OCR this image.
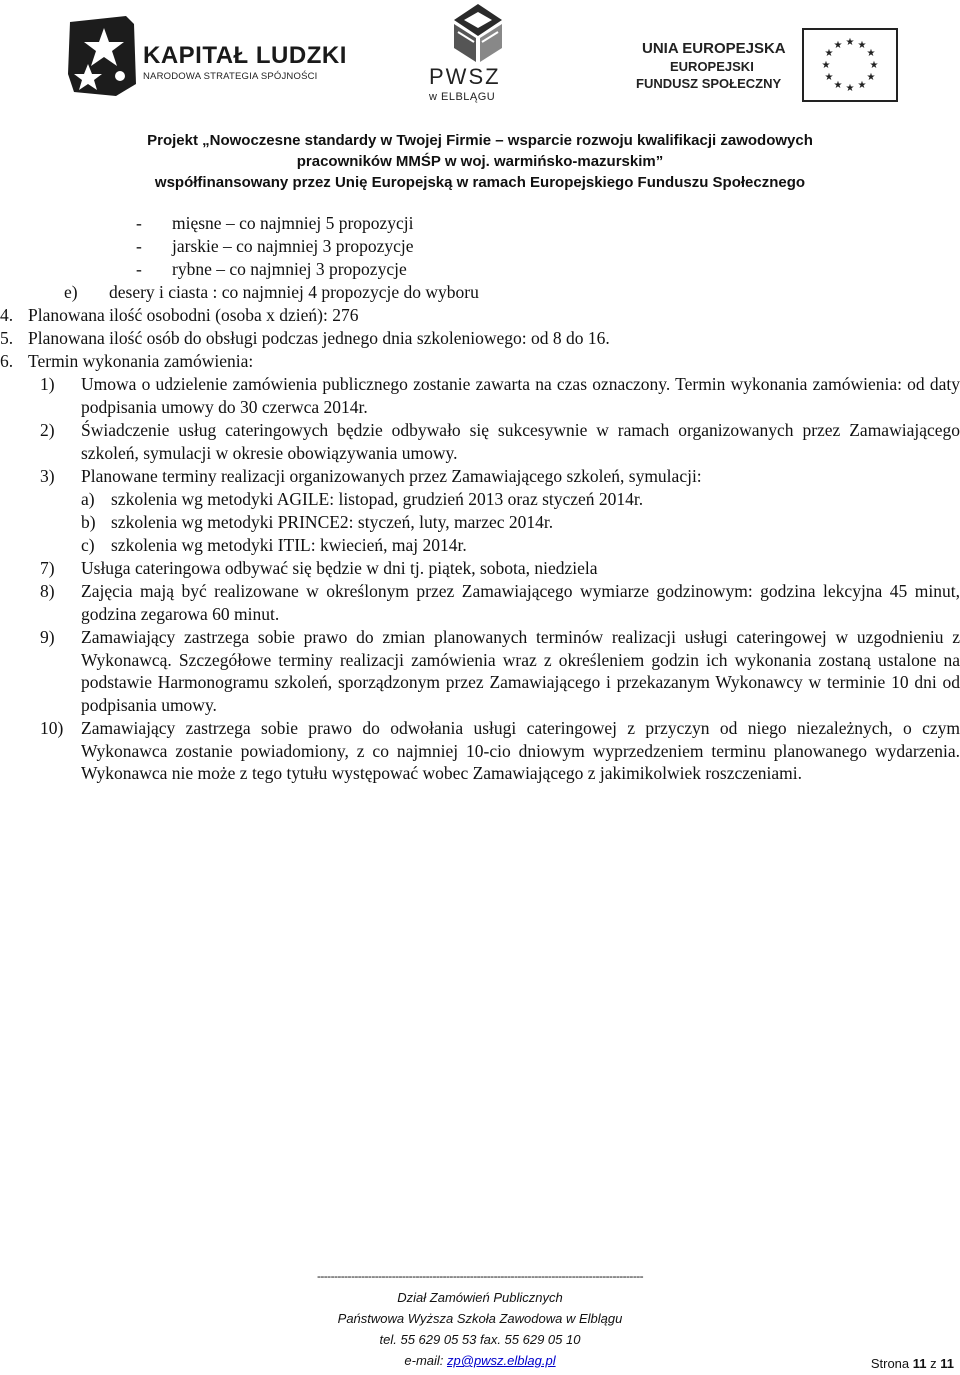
KAPITAŁ LUDZKI
NARODOWA STRATEGIA SPÓJNOŚCI	PWSZ
w ELBLĄGU
UNIA EUROPEJSKA
EUROPEJSKI
FUNDUSZ SPOŁECZNY
★ ★
★
★
★
★
★
★
★
★
★
★
Projekt „Nowoczesne standardy w Twojej Firmie – wsparcie rozwoju kwalifikacji zawodowych
pracowników MMŚP w woj. warmińsko-mazurskim”
współfinansowany przez Unię Europejską w ramach Europejskiego Funduszu Społecznego
- mięsne – co najmniej 5 propozycji
- jarskie – co najmniej 3 propozycje
- rybne – co najmniej 3 propozycje
e) desery i ciasta : co najmniej 4 propozycje do wyboru
4. Planowana ilość osobodni (osoba x dzień): 276
5. Planowana ilość osób do obsługi podczas jednego dnia szkoleniowego: od 8 do 16.
6. Termin wykonania zamówienia:
1) Umowa o udzielenie zamówienia publicznego zostanie zawarta na czas oznaczony. Termin wykonania zamówienia: od daty podpisania umowy do 30 czerwca 2014r.
2) Świadczenie usług cateringowych będzie odbywało się sukcesywnie w ramach organizowanych przez Zamawiającego szkoleń, symulacji w okresie obowiązywania umowy.
3) Planowane terminy realizacji organizowanych przez Zamawiającego szkoleń, symulacji:
a) szkolenia wg metodyki AGILE: listopad, grudzień 2013 oraz styczeń 2014r.
b) szkolenia wg metodyki PRINCE2: styczeń, luty, marzec 2014r.
c) szkolenia wg metodyki ITIL: kwiecień, maj 2014r.
7) Usługa cateringowa odbywać się będzie w dni tj. piątek, sobota, niedziela
8) Zajęcia mają być realizowane w określonym przez Zamawiającego wymiarze godzinowym: godzina lekcyjna 45 minut, godzina zegarowa 60 minut.
9) Zamawiający zastrzega sobie prawo do zmian planowanych terminów realizacji usługi cateringowej w uzgodnieniu z Wykonawcą. Szczegółowe terminy realizacji zamówienia wraz z określeniem godzin ich wykonania zostaną ustalone na podstawie Harmonogramu szkoleń, sporządzonym przez Zamawiającego i przekazanym Wykonawcy w terminie 10 dni od podpisania umowy.
10) Zamawiający zastrzega sobie prawo do odwołania usługi cateringowej z przyczyn od niego niezależnych, o czym Wykonawca zostanie powiadomiony, z co najmniej 10-cio dniowym wyprzedzeniem terminu planowanego wydarzenia. Wykonawca nie może z tego tytułu występować wobec Zamawiającego z jakimikolwiek roszczeniami.
------------------------------------------------------------------------------------------------
Dział Zamówień Publicznych
Państwowa Wyższa Szkoła Zawodowa w Elblągu
tel. 55 629 05 53 fax. 55 629 05 10
e-mail: zp@pwsz.elblag.pl	Strona 11 z 11
